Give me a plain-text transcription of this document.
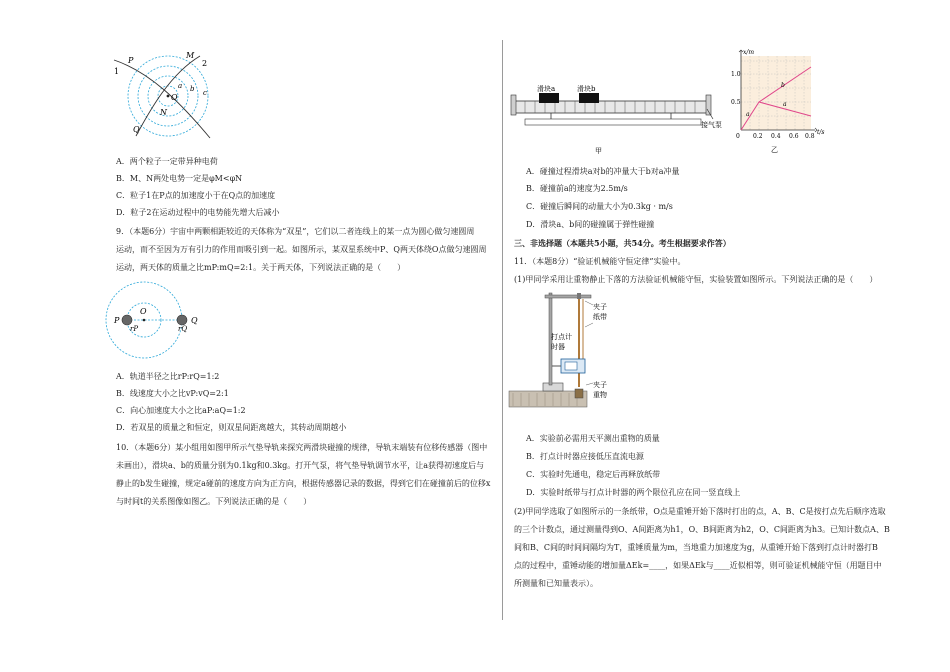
1
2
P
M
a b c
O
N
Q
A．两个粒子一定带异种电荷
B．M、N两处电势一定是φM<φN
C．粒子1在P点的加速度小于在Q点的加速度
D．粒子2在运动过程中的电势能先增大后减小
9．（本题6分）宇宙中两颗相距较近的天体称为“双星”，它们以二者连线上的某一点为圆心做匀速圆周
运动，而不至因为万有引力的作用而吸引到一起。如图所示，某双星系统中P、Q两天体绕O点做匀速圆周
运动，两天体的质量之比mP:mQ=2:1。关于两天体，下列说法正确的是（　　）
P
O
Q
rP	rQ
A．轨道半径之比rP:rQ=1:2
B．线速度大小之比vP:vQ=2:1
C．向心加速度大小之比aP:aQ=1:2
D．若双星的质量之和恒定，则双星间距离越大，其转动周期越小
10．（本题6分）某小组用如图甲所示气垫导轨来探究两滑块碰撞的规律，导轨末端装有位移传感器（图中
未画出），滑块a、b的质量分别为0.1kg和0.3kg。打开气泵，将气垫导轨调节水平，让a获得初速度后与
静止的b发生碰撞，规定a碰前的速度方向为正方向，根据传感器记录的数据，得到它们在碰撞前后的位移x
与时间t的关系图像如图乙。下列说法正确的是（　　）
滑块a	滑块b
接气泵
甲
x/m
t/s
0
0.5
1.0
0.2 0.4 0.6 0.8
a
b
a
乙
A．碰撞过程滑块a对b的冲量大于b对a冲量
B．碰撞前a的速度为2.5m/s
C．碰撞后瞬间的动量大小为0.3kg · m/s
D．滑块a、b间的碰撞属于弹性碰撞
三、非选择题（本题共5小题，共54分。考生根据要求作答）
11．（本题8分）“验证机械能守恒定律”实验中。
(1)甲同学采用让重物静止下落的方法验证机械能守恒，实验装置如图所示。下列说法正确的是（　　）
夹子
纸带
打点计
时器
夹子
重物
A．实验前必需用天平测出重物的质量
B．打点计时器应接低压直流电源
C．实验时先通电，稳定后再释放纸带
D．实验时纸带与打点计时器的两个限位孔应在同一竖直线上
(2)甲同学选取了如图所示的一条纸带，O点是重锤开始下落时打出的点，A、B、C是按打点先后顺序选取
的三个计数点，通过测量得到O、A间距离为h1，O、B间距离为h2，O、C间距离为h3。已知计数点A、B
间和B、C间的时间间隔均为T，重锤质量为m，当地重力加速度为g，从重锤开始下落到打点计时器打B
点的过程中，重锤动能的增加量ΔEk=____，如果ΔEk与____近似相等，则可验证机械能守恒（用题目中
所测量和已知量表示）。
